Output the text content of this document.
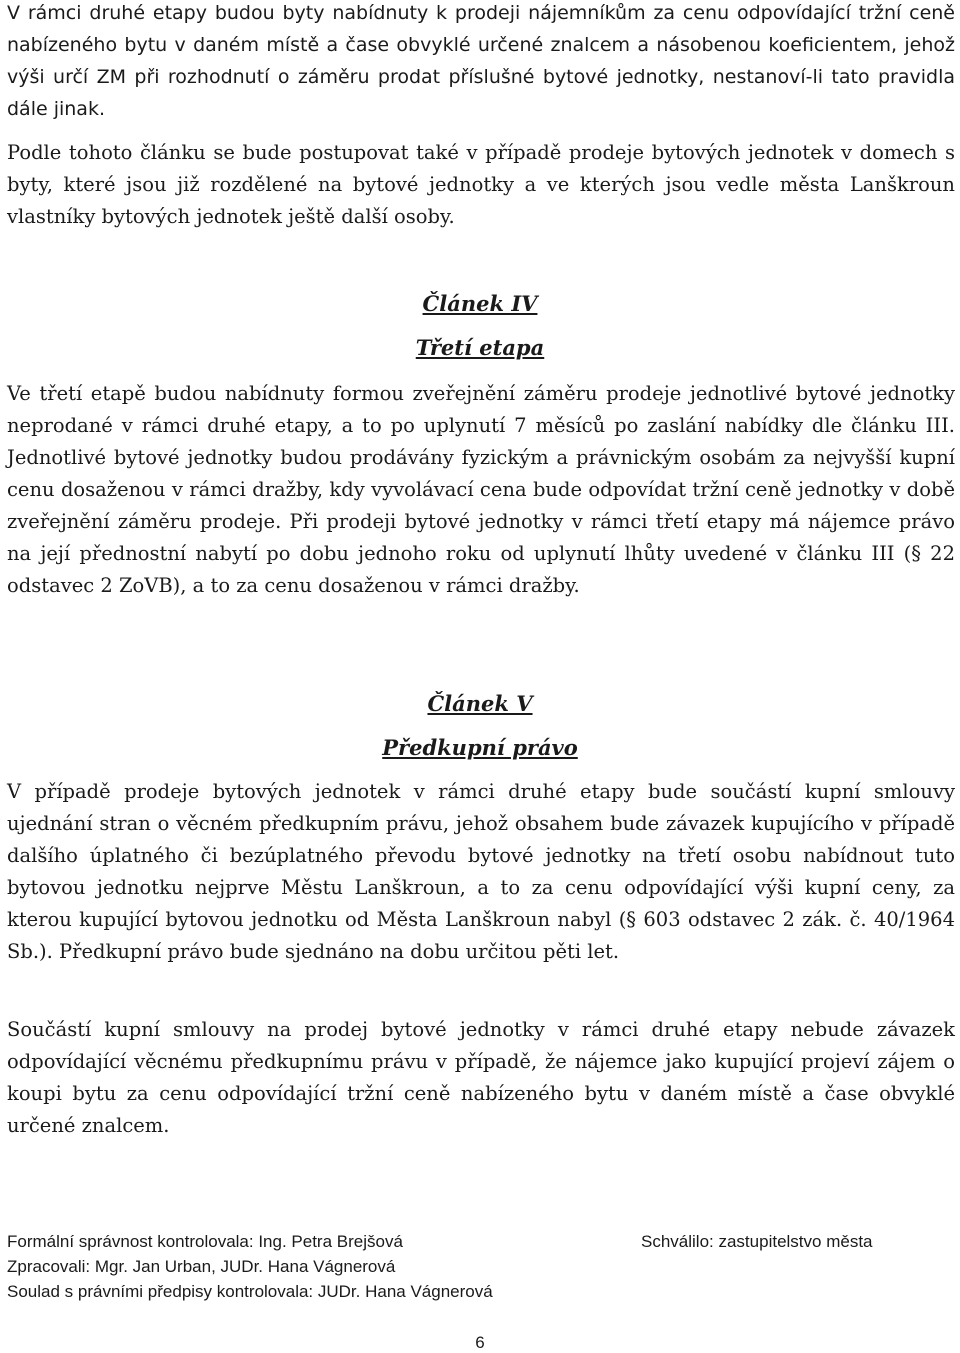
V rámci druhé etapy budou byty nabídnuty k prodeji nájemníkům za cenu odpovídající tržní ceně nabízeného bytu v daném místě a čase obvyklé určené znalcem a násobenou koeficientem, jehož výši určí ZM při rozhodnutí o záměru prodat příslušné bytové jednotky, nestanoví-li tato pravidla dále jinak.

Podle tohoto článku se bude postupovat také v případě prodeje bytových jednotek v domech s byty, které jsou již rozdělené na bytové jednotky a ve kterých jsou vedle města Lanškroun vlastníky bytových jednotek ještě další osoby.

Článek IV
Třetí etapa

Ve třetí etapě budou nabídnuty formou zveřejnění záměru prodeje jednotlivé bytové jednotky neprodané v rámci druhé etapy, a to po uplynutí 7 měsíců po zaslání nabídky dle článku III. Jednotlivé bytové jednotky budou prodávány fyzickým a právnickým osobám za nejvyšší kupní cenu dosaženou v rámci dražby, kdy vyvolávací cena bude odpovídat tržní ceně jednotky v době zveřejnění záměru prodeje. Při prodeji bytové jednotky v rámci třetí etapy má nájemce právo na její přednostní nabytí po dobu jednoho roku od uplynutí lhůty uvedené v článku III (§ 22 odstavec 2 ZoVB), a to za cenu dosaženou v rámci dražby.

Článek V
Předkupní právo

V případě prodeje bytových jednotek v rámci druhé etapy bude součástí kupní smlouvy ujednání stran o věcném předkupním právu, jehož obsahem bude závazek kupujícího v případě dalšího úplatného či bezúplatného převodu bytové jednotky na třetí osobu nabídnout tuto bytovou jednotku nejprve Městu Lanškroun, a to za cenu odpovídající výši kupní ceny, za kterou kupující bytovou jednotku od Města Lanškroun nabyl (§ 603 odstavec 2 zák. č. 40/1964 Sb.). Předkupní právo bude sjednáno na dobu určitou pěti let.

Součástí kupní smlouvy na prodej bytové jednotky v rámci druhé etapy nebude závazek odpovídající věcnému předkupnímu právu v případě, že nájemce jako kupující projeví zájem o koupi bytu za cenu odpovídající tržní ceně nabízeného bytu v daném místě a čase obvyklé určené znalcem.

Formální správnost kontrolovala: Ing. Petra Brejšová	Schválilo: zastupitelstvo města

Zpracovali: Mgr. Jan Urban, JUDr. Hana Vágnerová

Soulad s právními předpisy kontrolovala: JUDr. Hana Vágnerová

6
